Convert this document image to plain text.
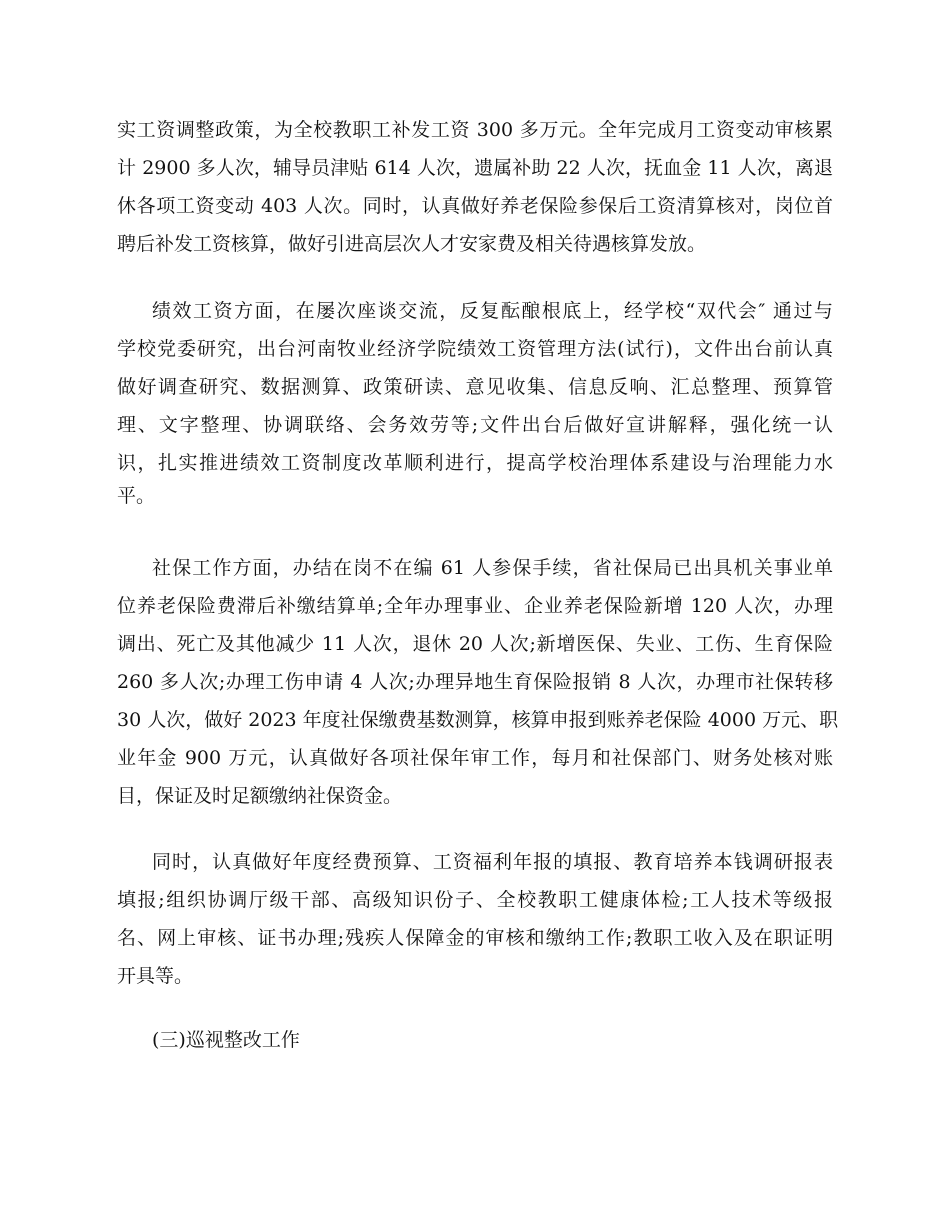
实工资调整政策，为全校教职工补发工资 300 多万元。全年完成月工资变动审核累
计 2900 多人次，辅导员津贴 614 人次，遗属补助 22 人次，抚血金 11 人次，离退
休各项工资变动 403 人次。同时，认真做好养老保险参保后工资清算核对，岗位首
聘后补发工资核算，做好引进高层次人才安家费及相关待遇核算发放。
绩效工资方面，在屡次座谈交流，反复酝酿根底上，经学校“双代会″ 通过与
学校党委研究，出台河南牧业经济学院绩效工资管理方法(试行)，文件出台前认真
做好调查研究、数据测算、政策研读、意见收集、信息反响、汇总整理、预算管
理、文字整理、协调联络、会务效劳等;文件出台后做好宣讲解释，强化统一认
识，扎实推进绩效工资制度改革顺利进行，提高学校治理体系建设与治理能力水
平。
社保工作方面，办结在岗不在编 61 人参保手续，省社保局已出具机关事业单
位养老保险费滞后补缴结算单;全年办理事业、企业养老保险新增 120 人次，办理
调出、死亡及其他减少 11 人次，退休 20 人次;新增医保、失业、工伤、生育保险
260 多人次;办理工伤申请 4 人次;办理异地生育保险报销 8 人次，办理市社保转移
30 人次，做好 2023 年度社保缴费基数测算，核算申报到账养老保险 4000 万元、职
业年金 900 万元，认真做好各项社保年审工作，每月和社保部门、财务处核对账
目，保证及时足额缴纳社保资金。
同时，认真做好年度经费预算、工资福利年报的填报、教育培养本钱调研报表
填报;组织协调厅级干部、高级知识份子、全校教职工健康体检;工人技术等级报
名、网上审核、证书办理;残疾人保障金的审核和缴纳工作;教职工收入及在职证明
开具等。
(三)巡视整改工作
